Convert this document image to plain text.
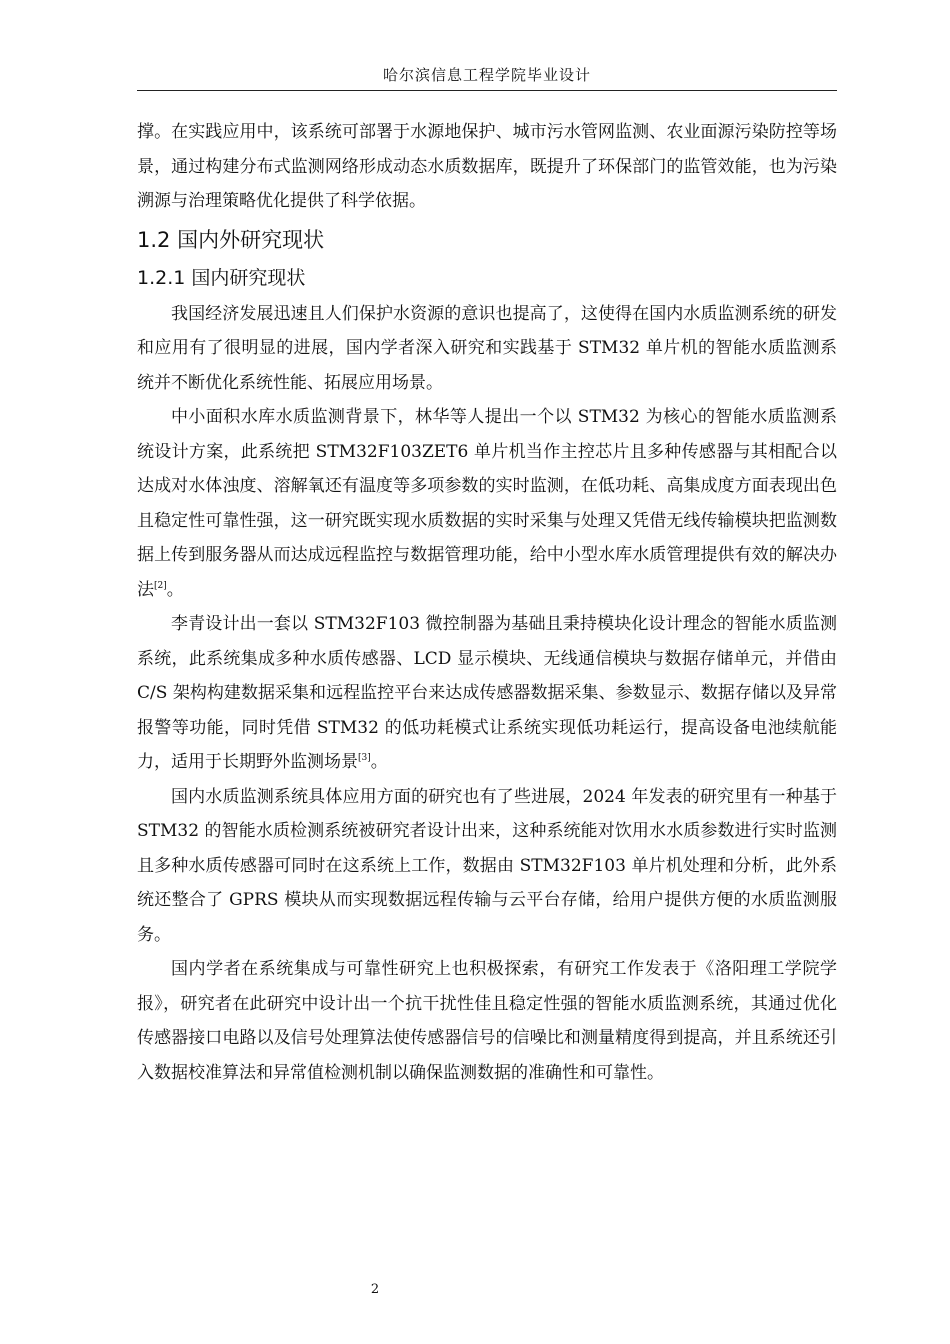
哈尔滨信息工程学院毕业设计

撑。在实践应用中，该系统可部署于水源地保护、城市污水管网监测、农业面源污染防控等场景，通过构建分布式监测网络形成动态水质数据库，既提升了环保部门的监管效能，也为污染溯源与治理策略优化提供了科学依据。

1.2 国内外研究现状
1.2.1 国内研究现状

我国经济发展迅速且人们保护水资源的意识也提高了，这使得在国内水质监测系统的研发和应用有了很明显的进展，国内学者深入研究和实践基于 STM32 单片机的智能水质监测系统并不断优化系统性能、拓展应用场景。

中小面积水库水质监测背景下，林华等人提出一个以 STM32 为核心的智能水质监测系统设计方案，此系统把 STM32F103ZET6 单片机当作主控芯片且多种传感器与其相配合以达成对水体浊度、溶解氧还有温度等多项参数的实时监测，在低功耗、高集成度方面表现出色且稳定性可靠性强，这一研究既实现水质数据的实时采集与处理又凭借无线传输模块把监测数据上传到服务器从而达成远程监控与数据管理功能，给中小型水库水质管理提供有效的解决办法[2]。

李青设计出一套以 STM32F103 微控制器为基础且秉持模块化设计理念的智能水质监测系统，此系统集成多种水质传感器、LCD 显示模块、无线通信模块与数据存储单元，并借由 C/S 架构构建数据采集和远程监控平台来达成传感器数据采集、参数显示、数据存储以及异常报警等功能，同时凭借 STM32 的低功耗模式让系统实现低功耗运行，提高设备电池续航能力，适用于长期野外监测场景[3]。

国内水质监测系统具体应用方面的研究也有了些进展，2024 年发表的研究里有一种基于 STM32 的智能水质检测系统被研究者设计出来，这种系统能对饮用水水质参数进行实时监测且多种水质传感器可同时在这系统上工作，数据由 STM32F103 单片机处理和分析，此外系统还整合了 GPRS 模块从而实现数据远程传输与云平台存储，给用户提供方便的水质监测服务。

国内学者在系统集成与可靠性研究上也积极探索，有研究工作发表于《洛阳理工学院学报》，研究者在此研究中设计出一个抗干扰性佳且稳定性强的智能水质监测系统，其通过优化传感器接口电路以及信号处理算法使传感器信号的信噪比和测量精度得到提高，并且系统还引入数据校准算法和异常值检测机制以确保监测数据的准确性和可靠性。

2
